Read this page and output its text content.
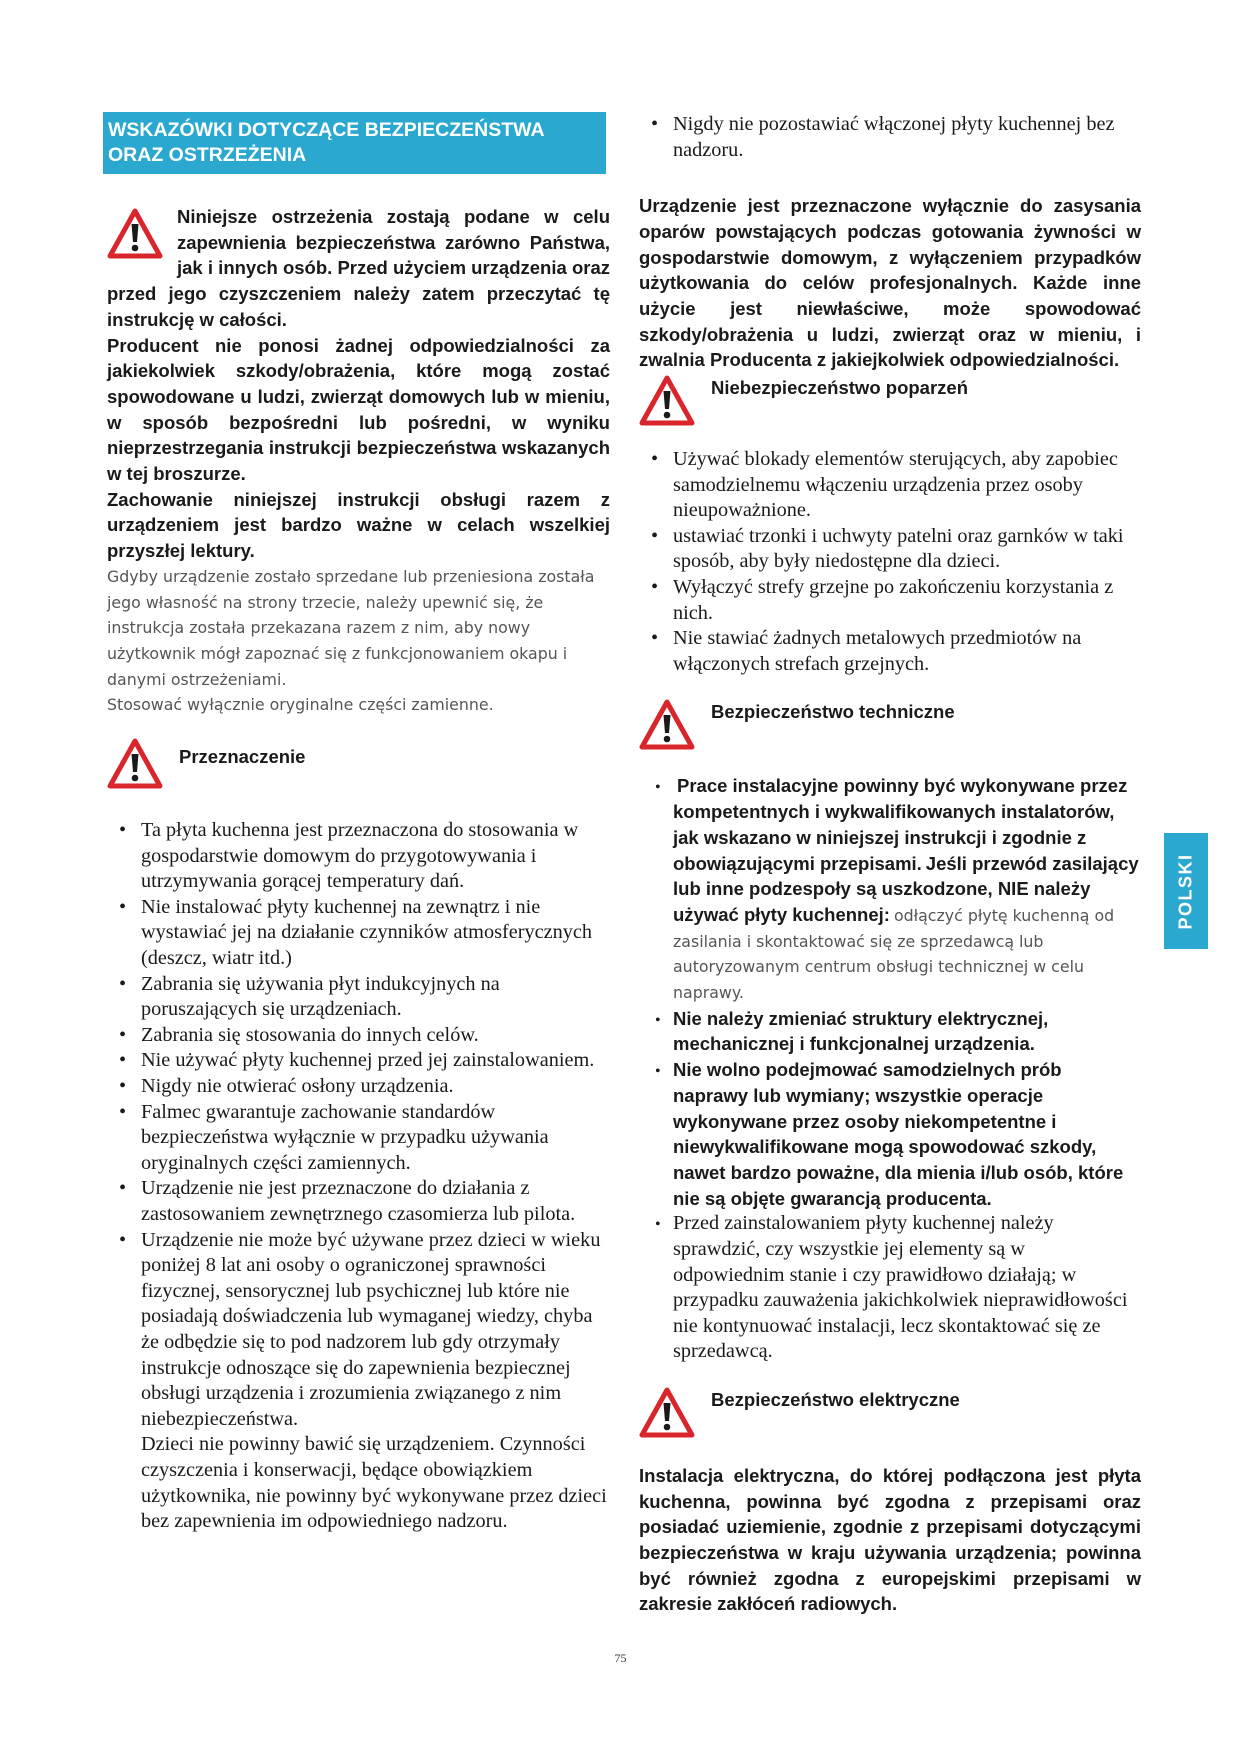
WSKAZÓWKI DOTYCZĄCE BEZPIECZEŃSTWA
ORAZ OSTRZEŻENIA

Niniejsze ostrzeżenia zostają podane w celu zapewnienia bezpieczeństwa zarówno Państwa, jak i innych osób. Przed użyciem urządzenia oraz przed jego czyszczeniem należy zatem przeczytać tę instrukcję w całości.

Producent nie ponosi żadnej odpowiedzialności za jakiekolwiek szkody/obrażenia, które mogą zostać spowodowane u ludzi, zwierząt domowych lub w mieniu, w sposób bezpośredni lub pośredni, w wyniku nieprzestrzegania instrukcji bezpieczeństwa wskazanych w tej broszurze.

Zachowanie niniejszej instrukcji obsługi razem z urządzeniem jest bardzo ważne w celach wszelkiej przyszłej lektury.

Gdyby urządzenie zostało sprzedane lub przeniesiona została jego własność na strony trzecie, należy upewnić się, że instrukcja została przekazana razem z nim, aby nowy użytkownik mógł zapoznać się z funkcjonowaniem okapu i danymi ostrzeżeniami.

Stosować wyłącznie oryginalne części zamienne.

Przeznaczenie
• Ta płyta kuchenna jest przeznaczona do stosowania w gospodarstwie domowym do przygotowywania i utrzymywania gorącej temperatury dań.
• Nie instalować płyty kuchennej na zewnątrz i nie wystawiać jej na działanie czynników atmosferycznych (deszcz, wiatr itd.)
• Zabrania się używania płyt indukcyjnych na poruszających się urządzeniach.
• Zabrania się stosowania do innych celów.
• Nie używać płyty kuchennej przed jej zainstalowaniem.
• Nigdy nie otwierać osłony urządzenia.
• Falmec gwarantuje zachowanie standardów bezpieczeństwa wyłącznie w przypadku używania oryginalnych części zamiennych.
• Urządzenie nie jest przeznaczone do działania z zastosowaniem zewnętrznego czasomierza lub pilota.
• Urządzenie nie może być używane przez dzieci w wieku poniżej 8 lat ani osoby o ograniczonej sprawności fizycznej, sensorycznej lub psychicznej lub które nie posiadają doświadczenia lub wymaganej wiedzy, chyba że odbędzie się to pod nadzorem lub gdy otrzymały instrukcje odnoszące się do zapewnienia bezpiecznej obsługi urządzenia i zrozumienia związanego z nim niebezpieczeństwa.
Dzieci nie powinny bawić się urządzeniem. Czynności czyszczenia i konserwacji, będące obowiązkiem użytkownika, nie powinny być wykonywane przez dzieci bez zapewnienia im odpowiedniego nadzoru.
• Nigdy nie pozostawiać włączonej płyty kuchennej bez nadzoru.

Urządzenie jest przeznaczone wyłącznie do zasysania oparów powstających podczas gotowania żywności w gospodarstwie domowym, z wyłączeniem przypadków użytkowania do celów profesjonalnych. Każde inne użycie jest niewłaściwe, może spowodować szkody/obrażenia u ludzi, zwierząt oraz w mieniu, i zwalnia Producenta z jakiejkolwiek odpowiedzialności.

Niebezpieczeństwo poparzeń
• Używać blokady elementów sterujących, aby zapobiec samodzielnemu włączeniu urządzenia przez osoby nieupoważnione.
• ustawiać trzonki i uchwyty patelni oraz garnków w taki sposób, aby były niedostępne dla dzieci.
• Wyłączyć strefy grzejne po zakończeniu korzystania z nich.
• Nie stawiać żadnych metalowych przedmiotów na włączonych strefach grzejnych.
Bezpieczeństwo techniczne
• Prace instalacyjne powinny być wykonywane przez kompetentnych i wykwalifikowanych instalatorów, jak wskazano w niniejszej instrukcji i zgodnie z obowiązującymi przepisami. Jeśli przewód zasilający lub inne podzespoły są uszkodzone, NIE należy używać płyty kuchennej: odłączyć płytę kuchenną od zasilania i skontaktować się ze sprzedawcą lub autoryzowanym centrum obsługi technicznej w celu naprawy.
• Nie należy zmieniać struktury elektrycznej, mechanicznej i funkcjonalnej urządzenia.
• Nie wolno podejmować samodzielnych prób naprawy lub wymiany; wszystkie operacje wykonywane przez osoby niekompetentne i niewykwalifikowane mogą spowodować szkody, nawet bardzo poważne, dla mienia i/lub osób, które nie są objęte gwarancją producenta.
• Przed zainstalowaniem płyty kuchennej należy sprawdzić, czy wszystkie jej elementy są w odpowiednim stanie i czy prawidłowo działają; w przypadku zauważenia jakichkolwiek nieprawidłowości nie kontynuować instalacji, lecz skontaktować się ze sprzedawcą.
Bezpieczeństwo elektryczne

Instalacja elektryczna, do której podłączona jest płyta kuchenna, powinna być zgodna z przepisami oraz posiadać uziemienie, zgodnie z przepisami dotyczącymi bezpieczeństwa w kraju używania urządzenia; powinna być również zgodna z europejskimi przepisami w zakresie zakłóceń radiowych.

POLSKI
75
